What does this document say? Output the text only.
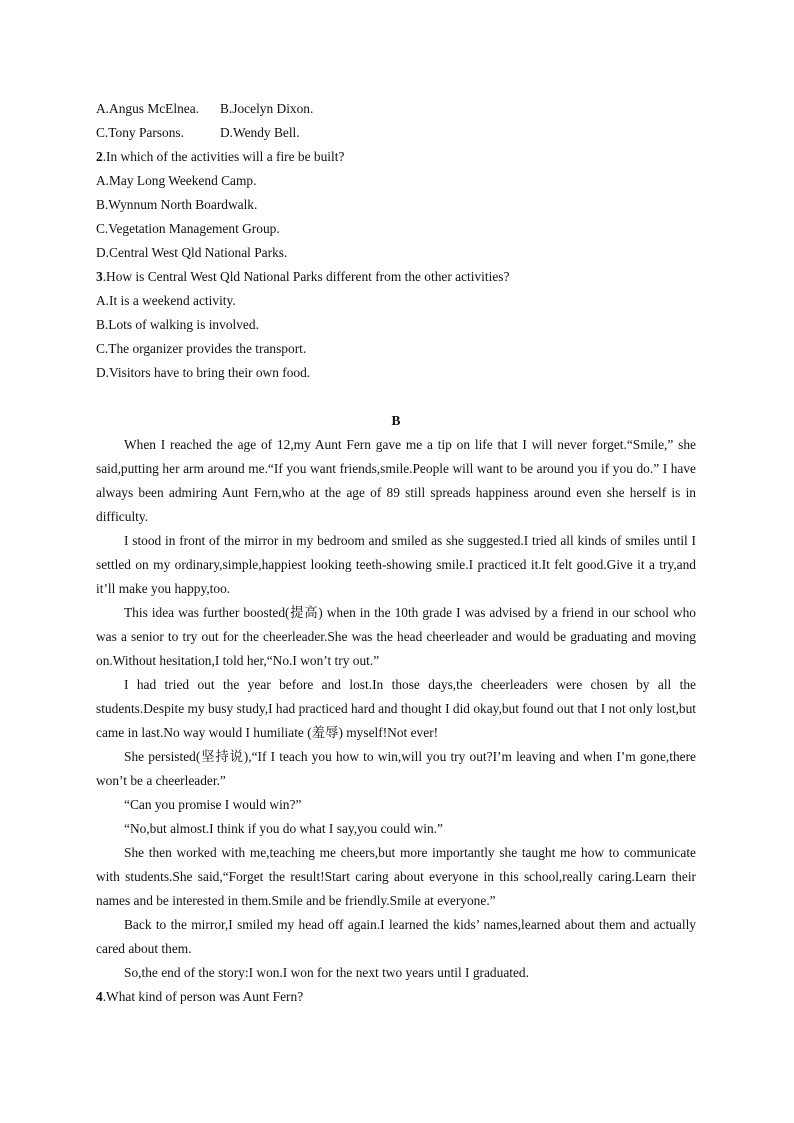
A.Angus McElnea. B.Jocelyn Dixon.
C.Tony Parsons.	D.Wendy Bell.
2.In which of the activities will a fire be built?
A.May Long Weekend Camp.
B.Wynnum North Boardwalk.
C.Vegetation Management Group.
D.Central West Qld National Parks.
3.How is Central West Qld National Parks different from the other activities?
A.It is a weekend activity.
B.Lots of walking is involved.
C.The organizer provides the transport.
D.Visitors have to bring their own food.
B

When I reached the age of 12,my Aunt Fern gave me a tip on life that I will never forget.“Smile,” she said,putting her arm around me.“If you want friends,smile.People will want to be around you if you do.” I have always been admiring Aunt Fern,who at the age of 89 still spreads happiness around even she herself is in difficulty.

I stood in front of the mirror in my bedroom and smiled as she suggested.I tried all kinds of smiles until I settled on my ordinary,simple,happiest looking teeth-showing smile.I practiced it.It felt good.Give it a try,and it’ll make you happy,too.

This idea was further boosted(提高) when in the 10th grade I was advised by a friend in our school who was a senior to try out for the cheerleader.She was the head cheerleader and would be graduating and moving on.Without hesitation,I told her,“No.I won’t try out.”

I had tried out the year before and lost.In those days,the cheerleaders were chosen by all the students.Despite my busy study,I had practiced hard and thought I did okay,but found out that I not only lost,but came in last.No way would I humiliate (羞辱) myself!Not ever!

She persisted(坚持说),“If I teach you how to win,will you try out?I’m leaving and when I’m gone,there won’t be a cheerleader.”

“Can you promise I would win?”

“No,but almost.I think if you do what I say,you could win.”

She then worked with me,teaching me cheers,but more importantly she taught me how to communicate with students.She said,“Forget the result!Start caring about everyone in this school,really caring.Learn their names and be interested in them.Smile and be friendly.Smile at everyone.”

Back to the mirror,I smiled my head off again.I learned the kids’ names,learned about them and actually cared about them.

So,the end of the story:I won.I won for the next two years until I graduated.

4.What kind of person was Aunt Fern?
